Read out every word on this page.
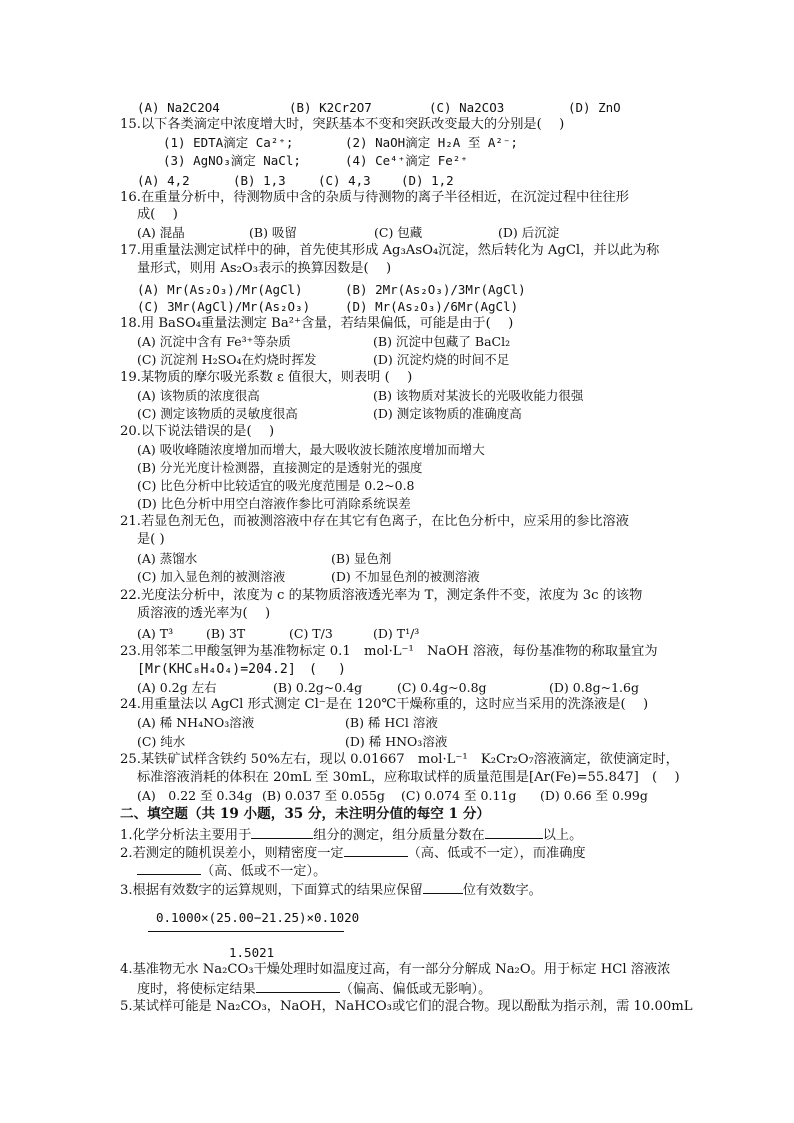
(A) Na2C2O4	(B) K2Cr2O7	(C) Na2CO3	(D) ZnO
15.以下各类滴定中浓度增大时，突跃基本不变和突跃改变最大的分别是(　 )
(1) EDTA滴定 Ca²⁺;	(2) NaOH滴定 H₂A 至 A²⁻;
(3) AgNO₃滴定 NaCl;	(4) Ce⁴⁺滴定 Fe²⁺
(A) 4,2	(B) 1,3	(C) 4,3 (D) 1,2
16.在重量分析中，待测物质中含的杂质与待测物的离子半径相近，在沉淀过程中往往形
成(　 )
(A) 混晶	(B) 吸留	(C) 包藏	(D) 后沉淀
17.用重量法测定试样中的砷，首先使其形成 Ag₃AsO₄沉淀，然后转化为 AgCl，并以此为称
量形式，则用 As₂O₃表示的换算因数是(　 )
(A) Mr(As₂O₃)/Mr(AgCl)	(B) 2Mr(As₂O₃)/3Mr(AgCl)
(C) 3Mr(AgCl)/Mr(As₂O₃)	(D) Mr(As₂O₃)/6Mr(AgCl)
18.用 BaSO₄重量法测定 Ba²⁺含量，若结果偏低，可能是由于(　 )
(A) 沉淀中含有 Fe³⁺等杂质	(B) 沉淀中包藏了 BaCl₂
(C) 沉淀剂 H₂SO₄在灼烧时挥发	(D) 沉淀灼烧的时间不足
19.某物质的摩尔吸光系数 ε 值很大，则表明 (　 )
(A) 该物质的浓度很高	(B) 该物质对某波长的光吸收能力很强
(C) 测定该物质的灵敏度很高	(D) 测定该物质的准确度高
20.以下说法错误的是(　 )
(A) 吸收峰随浓度增加而增大，最大吸收波长随浓度增加而增大
(B) 分光光度计检测器，直接测定的是透射光的强度
(C) 比色分析中比较适宜的吸光度范围是 0.2~0.8
(D) 比色分析中用空白溶液作参比可消除系统误差
21.若显色剂无色，而被测溶液中存在其它有色离子，在比色分析中，应采用的参比溶液
是( )
(A) 蒸馏水	(B) 显色剂
(C) 加入显色剂的被测溶液	(D) 不加显色剂的被测溶液
22.光度法分析中，浓度为 c 的某物质溶液透光率为 T，测定条件不变，浓度为 3c 的该物
质溶液的透光率为(　 )
(A) T³	(B) 3T	(C) T/3	(D) T¹/³
23.用邻苯二甲酸氢钾为基准物标定 0.1　mol·L⁻¹　NaOH 溶液，每份基准物的称取量宜为
[Mr(KHC₈H₄O₄)=204.2]　(　 )
(A) 0.2g 左右	(B) 0.2g~0.4g	(C) 0.4g~0.8g	(D) 0.8g~1.6g
24.用重量法以 AgCl 形式测定 Cl⁻是在 120℃干燥称重的，这时应当采用的洗涤液是(　 )
(A) 稀 NH₄NO₃溶液	(B) 稀 HCl 溶液
(C) 纯水	(D) 稀 HNO₃溶液
25.某铁矿试样含铁约 50%左右，现以 0.01667　mol·L⁻¹　K₂Cr₂O₇溶液滴定，欲使滴定时，
标准溶液消耗的体积在 20mL 至 30mL，应称取试样的质量范围是[Ar(Fe)=55.847]　(　 )
(A)　0.22 至 0.34g (B) 0.037 至 0.055g (C) 0.074 至 0.11g (D) 0.66 至 0.99g
二、填空题（共 19 小题，35 分，未注明分值的每空 1 分）
1.化学分析法主要用于	组分的测定，组分质量分数在	以上。
2.若测定的随机误差小，则精密度一定	（高、低或不一定），而准确度
（高、低或不一定）。
3.根据有效数字的运算规则，下面算式的结果应保留	位有效数字。
0.1000×(25.00−21.25)×0.1020
1.5021
4.基准物无水 Na₂CO₃干燥处理时如温度过高，有一部分分解成 Na₂O。用于标定 HCl 溶液浓
度时，将使标定结果	（偏高、偏低或无影响）。
5.某试样可能是 Na₂CO₃，NaOH，NaHCO₃或它们的混合物。现以酚酞为指示剂，需 10.00mL
